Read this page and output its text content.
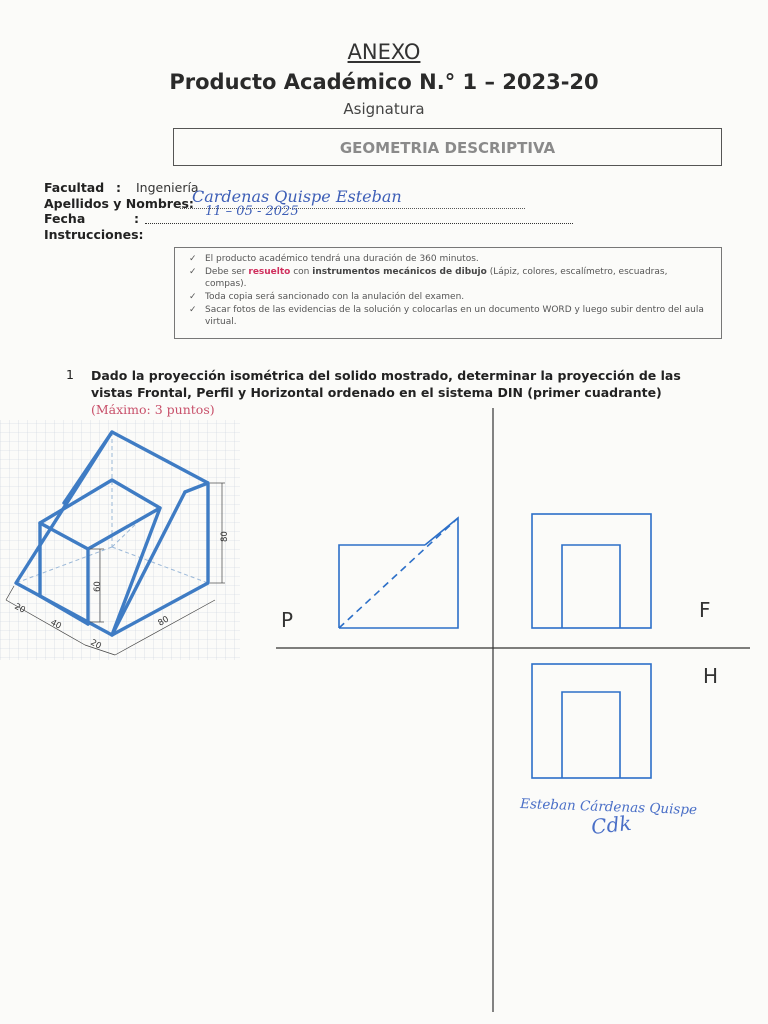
ANEXO
Producto Académico N.° 1 – 2023-20
Asignatura
GEOMETRIA DESCRIPTIVA
Facultad : Ingeniería
Apellidos y Nombres:
Cardenas Quispe Esteban
Fecha	:	11 – 05 - 2025
Instrucciones:
✓ El producto académico tendrá una duración de 360 minutos.
✓ Debe ser resuelto con instrumentos mecánicos de dibujo (Lápiz, colores, escalímetro, escuadras, compas).
✓ Toda copia será sancionado con la anulación del examen.
✓ Sacar fotos de las evidencias de la solución y colocarlas en un documento WORD y luego subir dentro del aula virtual.
1 Dado la proyección isométrica del solido mostrado, determinar la proyección de las vistas Frontal, Perfil y Horizontal ordenado en el sistema DIN (primer cuadrante) (Máximo: 3 puntos)
20
40
20
80
60
80	P	F
H
Esteban Cárdenas Quispe
Cdk
